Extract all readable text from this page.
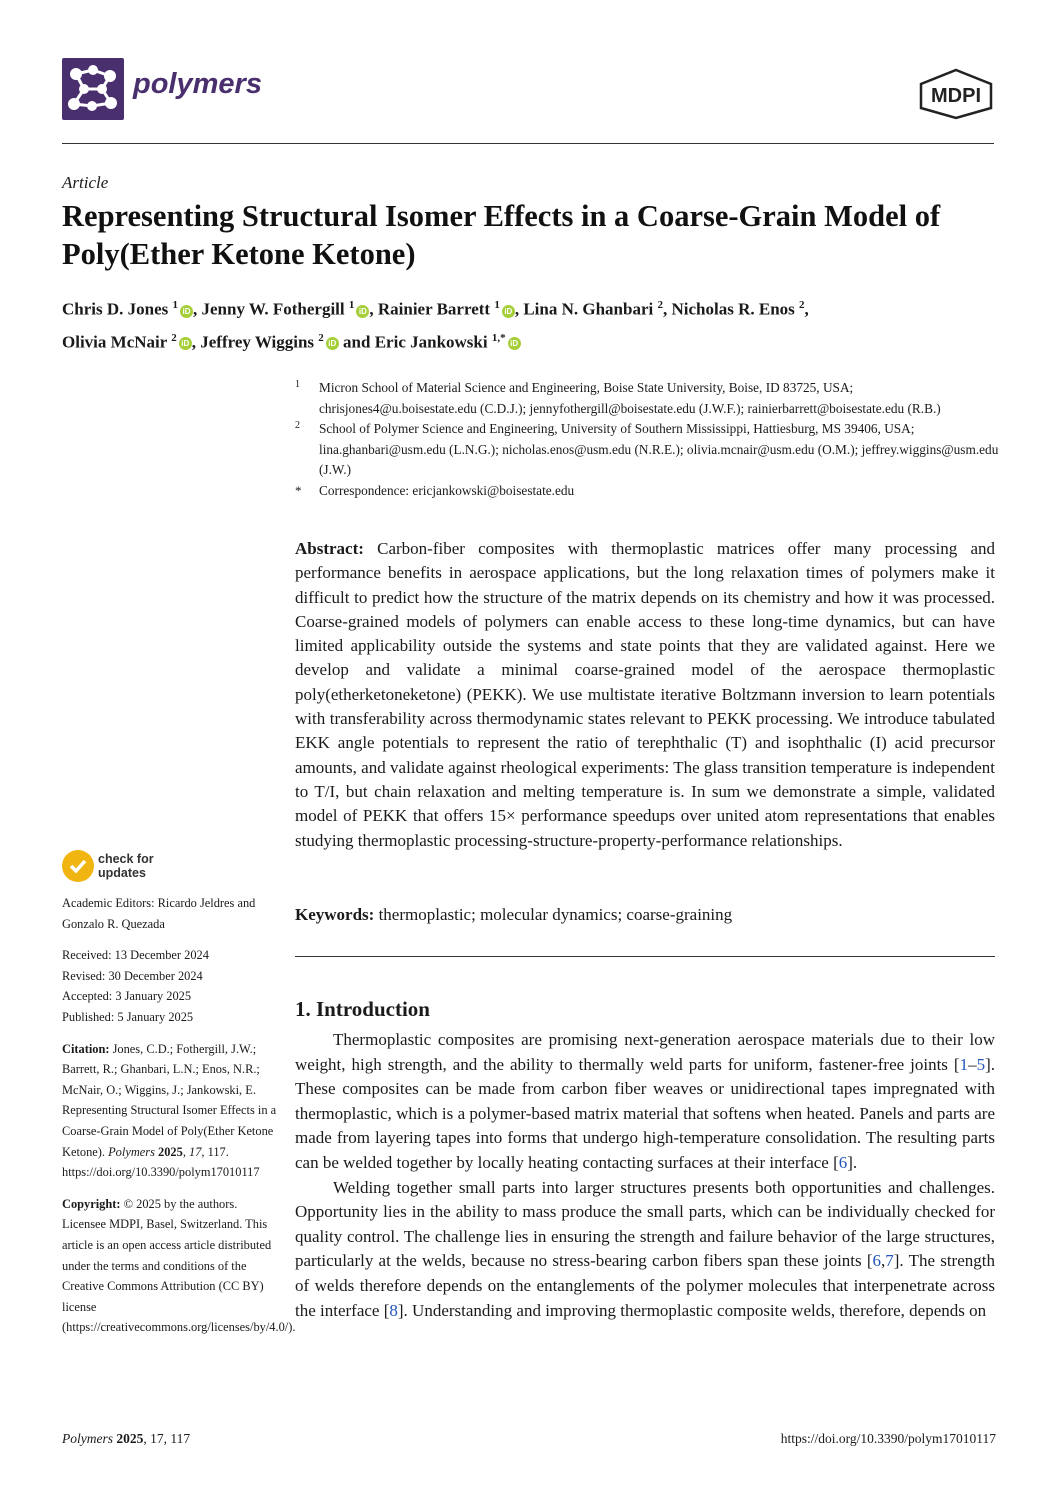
polymers	MDPI
Article
Representing Structural Isomer Effects in a Coarse-Grain Model of Poly(Ether Ketone Ketone)
Chris D. Jones $^1$iD , Jenny W. Fothergill $^1$iD , Rainier Barrett $^1$iD , Lina N. Ghanbari $^2$, Nicholas R. Enos $^2$,
Olivia McNair $^2$iD , Jeffrey Wiggins $^2$iD and Eric Jankowski $^{1,*}$iD
1 Micron School of Material Science and Engineering, Boise State University, Boise, ID 83725, USA; chrisjones4@u.boisestate.edu (C.D.J.); jennyfothergill@boisestate.edu (J.W.F.); rainierbarrett@boisestate.edu (R.B.)
2 School of Polymer Science and Engineering, University of Southern Mississippi, Hattiesburg, MS 39406, USA; lina.ghanbari@usm.edu (L.N.G.); nicholas.enos@usm.edu (N.R.E.); olivia.mcnair@usm.edu (O.M.); jeffrey.wiggins@usm.edu (J.W.)
* Correspondence: ericjankowski@boisestate.edu
Abstract: Carbon-fiber composites with thermoplastic matrices offer many processing and performance benefits in aerospace applications, but the long relaxation times of polymers make it difficult to predict how the structure of the matrix depends on its chemistry and how it was processed. Coarse-grained models of polymers can enable access to these long-time dynamics, but can have limited applicability outside the systems and state points that they are validated against. Here we develop and validate a minimal coarse-grained model of the aerospace thermoplastic poly(etherketoneketone) (PEKK). We use multistate iterative Boltzmann inversion to learn potentials with transferability across thermodynamic states relevant to PEKK processing. We introduce tabulated EKK angle potentials to represent the ratio of terephthalic (T) and isophthalic (I) acid precursor amounts, and validate against rheological experiments: The glass transition temperature is independent to T/I, but chain relaxation and melting temperature is. In sum we demonstrate a simple, validated model of PEKK that offers 15× performance speedups over united atom representations that enables studying thermoplastic processing-structure-property-performance relationships.
Keywords: thermoplastic; molecular dynamics; coarse-graining
1. Introduction

Thermoplastic composites are promising next-generation aerospace materials due to their low weight, high strength, and the ability to thermally weld parts for uniform, fastener-free joints [1–5]. These composites can be made from carbon fiber weaves or unidirectional tapes impregnated with thermoplastic, which is a polymer-based matrix material that softens when heated. Panels and parts are made from layering tapes into forms that undergo high-temperature consolidation. The resulting parts can be welded together by locally heating contacting surfaces at their interface [6].

Welding together small parts into larger structures presents both opportunities and challenges. Opportunity lies in the ability to mass produce the small parts, which can be individually checked for quality control. The challenge lies in ensuring the strength and failure behavior of the large structures, particularly at the welds, because no stress-bearing carbon fibers span these joints [6,7]. The strength of welds therefore depends on the entanglements of the polymer molecules that interpenetrate across the interface [8]. Understanding and improving thermoplastic composite welds, therefore, depends on

check for
updates
Academic Editors: Ricardo Jeldres and Gonzalo R. Quezada

Received: 13 December 2024

Revised: 30 December 2024

Accepted: 3 January 2025

Published: 5 January 2025

Citation: Jones, C.D.; Fothergill, J.W.; Barrett, R.; Ghanbari, L.N.; Enos, N.R.; McNair, O.; Wiggins, J.; Jankowski, E. Representing Structural Isomer Effects in a Coarse-Grain Model of Poly(Ether Ketone Ketone). Polymers 2025, 17, 117. https://doi.org/10.3390/polym17010117
Copyright: © 2025 by the authors. Licensee MDPI, Basel, Switzerland. This article is an open access article distributed under the terms and conditions of the Creative Commons Attribution (CC BY) license (https://creativecommons.org/licenses/by/4.0/).
Polymers 2025, 17, 117	https://doi.org/10.3390/polym17010117
